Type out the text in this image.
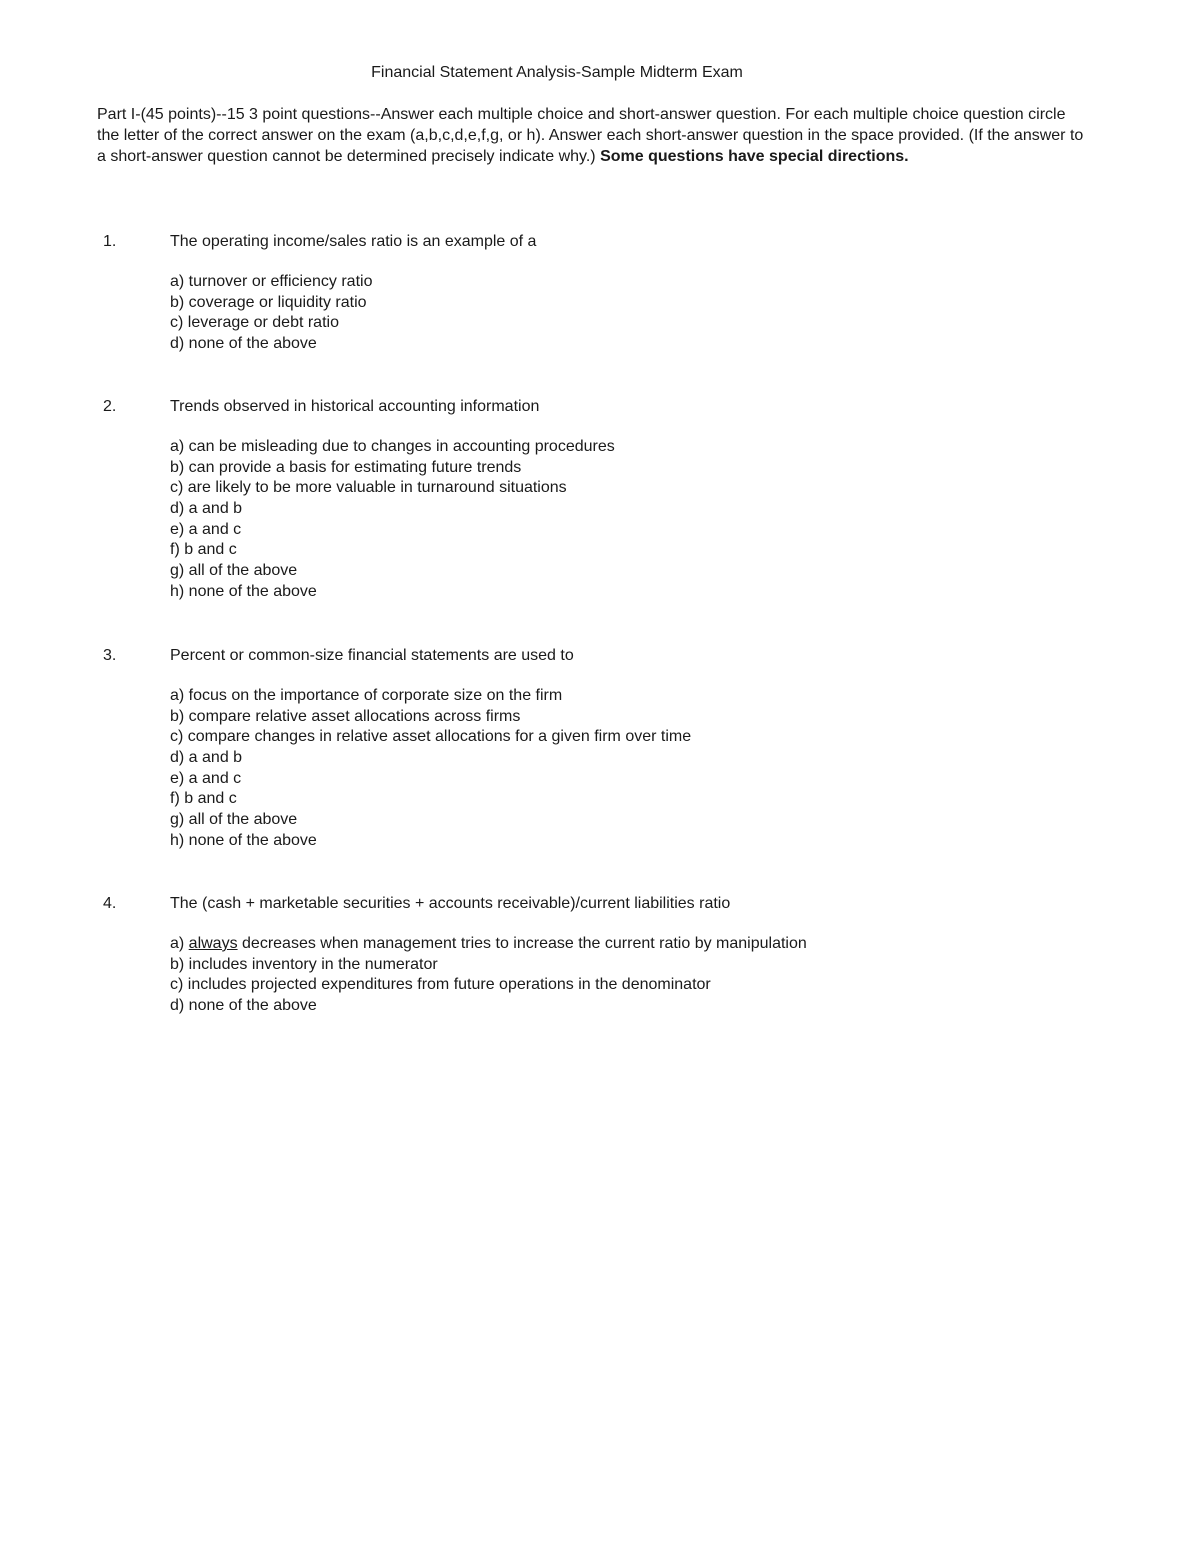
Financial Statement Analysis-Sample Midterm Exam
Part I-(45 points)--15 3 point questions--Answer each multiple choice and short-answer question. For each multiple choice question circle the letter of the correct answer on the exam (a,b,c,d,e,f,g, or h). Answer each short-answer question in the space provided. (If the answer to a short-answer question cannot be determined precisely indicate why.) Some questions have special directions.
1.	The operating income/sales ratio is an example of a
a) turnover or efficiency ratio
b) coverage or liquidity ratio
c) leverage or debt ratio
d) none of the above
2.	Trends observed in historical accounting information
a) can be misleading due to changes in accounting procedures
b) can provide a basis for estimating future trends
c) are likely to be more valuable in turnaround situations
d) a and b
e) a and c
f) b and c
g) all of the above
h) none of the above
3.	Percent or common-size financial statements are used to
a) focus on the importance of corporate size on the firm
b) compare relative asset allocations across firms
c) compare changes in relative asset allocations for a given firm over time
d) a and b
e) a and c
f) b and c
g) all of the above
h) none of the above
4.	The (cash + marketable securities + accounts receivable)/current liabilities ratio
a) always decreases when management tries to increase the current ratio by manipulation
b) includes inventory in the numerator
c) includes projected expenditures from future operations in the denominator
d) none of the above
